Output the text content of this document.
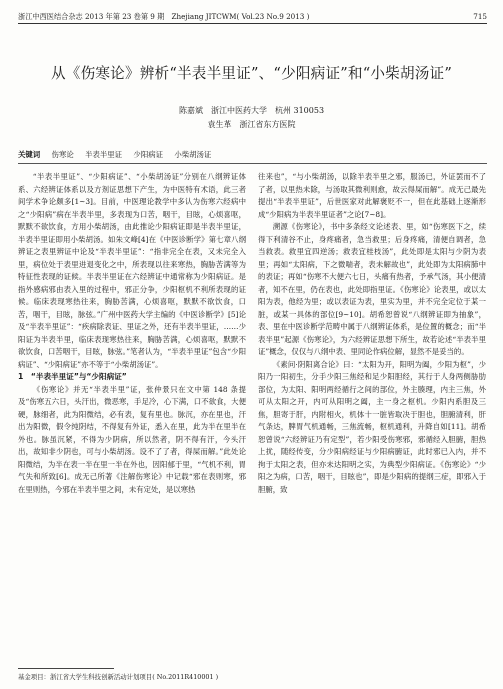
浙江中西医结合杂志 2013 年第 23 卷第 9 期　Zhejiang JITCWM( Vol.23 No.9 2013 )	715
从《伤寒论》辨析“半表半里证”、“少阳病证”和“小柴胡汤证”
陈嘉斌　浙江中医药大学　杭州 310053
袁生革　浙江省东方医院
关键词 伤寒论 半表半里证 少阳病证 小柴胡汤证

“半表半里证”、“少阳病证”、“小柴胡汤证”分别在八纲辨证体系、六经辨证体系以及方剂证思想下产生，为中医特有术语，此三者间学术争论颇多[1~3]。目前，中医理论教学中多认为伤寒六经病中之“少阳病”病在半表半里，多表现为口苦，咽干，目眩，心烦喜呕，默默不欲饮食，方用小柴胡汤，由此推论少阳病证即是半表半里证，半表半里证即用小柴胡汤。如朱文峰[4]在《中医诊断学》第七章八纲辨证之表里辨证中论及“半表半里证”：“指非完全在表，又未完全入里，病位处于表里进退变化之中，所表现以往来寒热，胸胁苦满等为特征性表现的证候。半表半里证在六经辨证中通常称为少阳病证。是指外感病邪由表入里的过程中，邪正分争，少阳枢机不利所表现的证候。临床表现寒热往来，胸胁苦满，心烦喜呕，默默不欲饮食，口苦，咽干，目眩，脉弦。”广州中医药大学主编的《中医诊断学》[5]论及“半表半里证”：“疾病除表证、里证之外，还有半表半里证，……少阳证为半表半里，临床表现寒热往来，胸胁苦满，心烦喜呕，默默不欲饮食，口苦咽干，目眩，脉弦。”笔者认为，“半表半里证”包含“少阳病证”、“少阳病证”亦不等于“小柴胡汤证”。

1　“半表半里证”与“少阳病证”

《伤寒论》并无“半表半里”证，张仲景只在文中第 148 条提及“伤寒五六日，头汗出，微恶寒，手足冷，心下满，口不欲食，大便硬，脉细者，此为阳微结，必有表，复有里也。脉沉，亦在里也，汗出为阳微，假令纯阴结，不得复有外证，悉入在里，此为半在里半在外也。脉虽沉紧，不得为少阴病，所以然者，阴不得有汗，今头汗出，故知非少阴也，可与小柴胡汤。设不了了者，得屎而解。”此处论阳微结，为半在表一半在里一半在外也，因阳郁于里，“气机不利，胃气失和所致[6]。成无己所著《注解伤寒论》中记载“邪在表则寒，邪在里则热，今邪在半表半里之间，未有定处，是以寒热

往来也”，“与小柴胡汤，以除半表半里之邪，服汤已，外证罢而不了了者，以里热未除，与汤取其微利则愈，故云得屎而解”。成无己最先提出“半表半里证”，后世医家对此解褒贬不一，但在此基础上逐渐形成“少阳病为半表半里证者”之论[7~8]。

溯源《伤寒论》，书中多条经文论述表、里，如“伤寒医下之，续得下利清谷不止，身疼痛者，急当救里；后身疼痛，清便自调者，急当救表。救里宜四逆汤；救表宜桂枝汤”，此处即是太阳与少阴为表里；再如“太阳病，下之微喘者，表未解故也”，此处即为太阳病肺中的表证；再如“伤寒不大便六七日，头痛有热者，予承气汤，其小便清者，知不在里，仍在表也，此处即指里证。《伤寒论》论表里，或以太阳为表，他经为里；或以表证为表，里实为里，并不完全定位于某一脏，或某一具体的部位[9~10]。胡希恕曾说“八纲辨证即为抽象”，表、里在中医诊断学范畴中属于八纲辨证体系，是位置的概念；而“半表半里”起源《伤寒论》，为六经辨证思想下所生，故若论述“半表半里证”概念，仅仅与八纲中表、里同论作病位解，显然不是妥当的。

《素问·阴阳离合论》曰：“太阳为开，阳明为阖，少阳为枢”，少阳乃一阳初生，分手少阳三焦经和足少阳胆经，其行于人身两侧胁肋部位，为太阳、阳明两经循行之间的部位，外主腠理，内主三焦，外可从太阳之开，内可从阳明之阖，主一身之枢机。少阳内系胆及三焦，胆寄于肝，内附相火，机体十一脏皆取决于胆也，胆腑清利，肝气条达，脾胃气机通畅，三焦流畅，枢机通利，升降自如[11]。胡希恕曾说“六经辨证乃有定型”，若少阳受伤寒邪，邪循经入胆腑，胆热上扰，随经传变，分少阳病经证与少阳病腑证，此时邪已入内，并不拘于太阳之表，但亦未达阳明之实，为典型少阳病证。《伤寒论》“少阳之为病，口苦，咽干，目眩也”，即是少阳病的提纲三症，即邪入于胆腑，致

基金项目：浙江省大学生科技创新活动计划项目( No.2011R410001 )
